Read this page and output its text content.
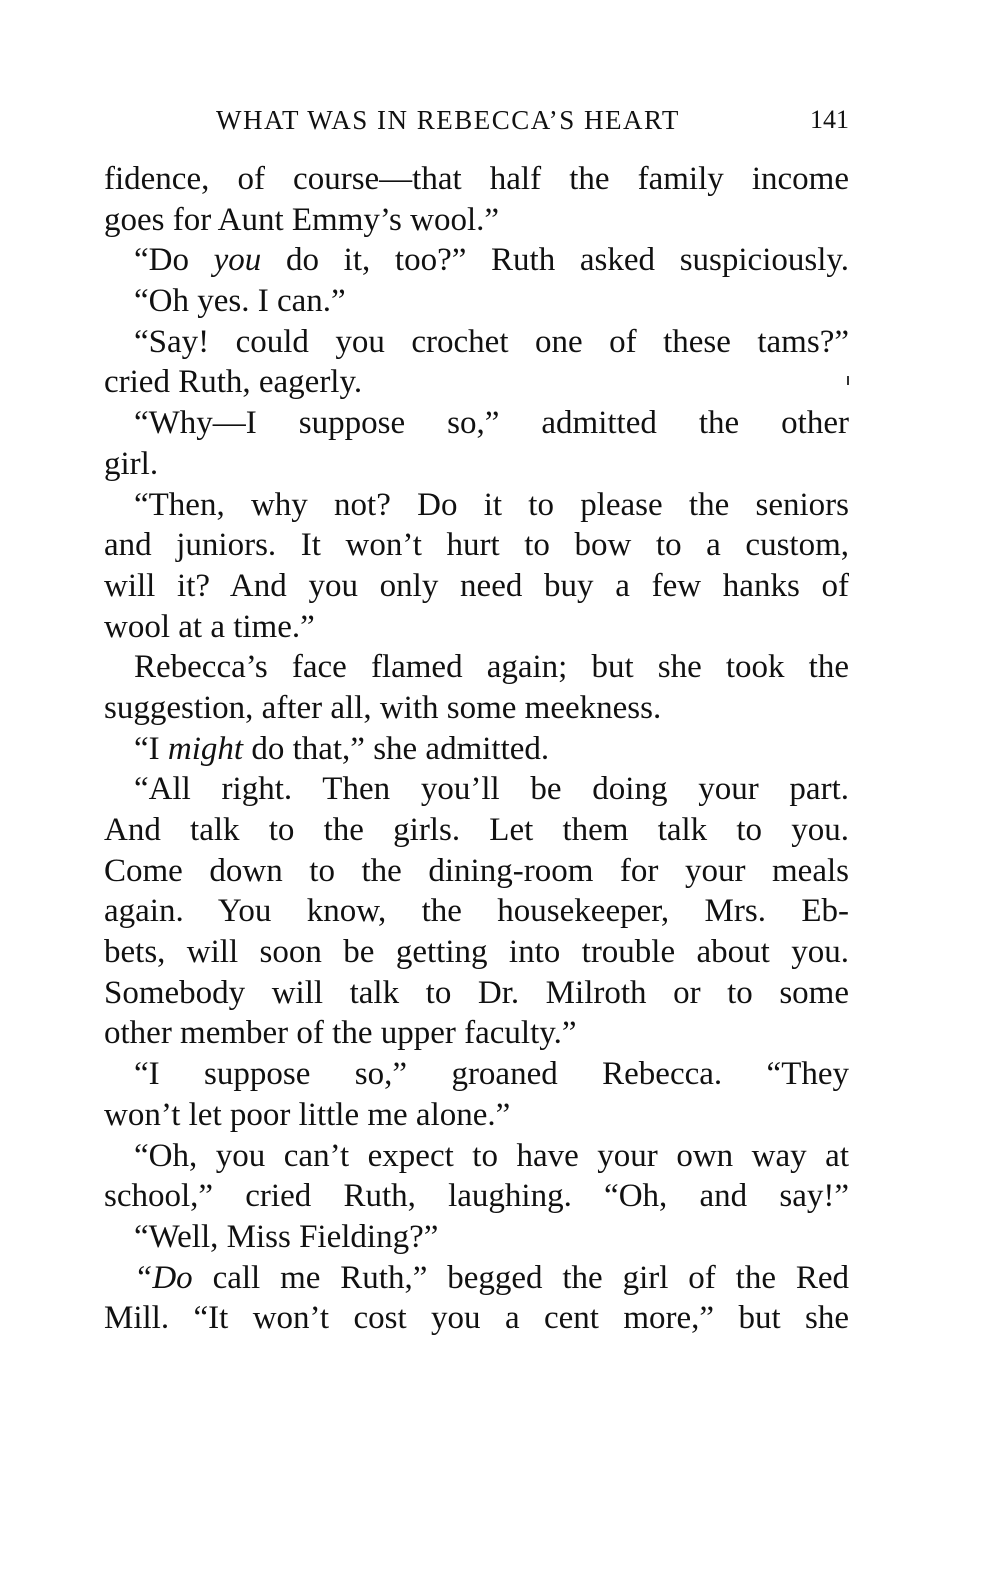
WHAT WAS IN REBECCA’S HEART	141
fidence, of course—that half the family income
goes for Aunt Emmy’s wool.”
“Do you do it, too?” Ruth asked suspiciously.
“Oh yes. I can.”
“Say! could you crochet one of these tams?”
cried Ruth, eagerly.
“Why—I suppose so,” admitted the other
girl.
“Then, why not? Do it to please the seniors
and juniors. It won’t hurt to bow to a custom,
will it? And you only need buy a few hanks of
wool at a time.”
Rebecca’s face flamed again; but she took the
suggestion, after all, with some meekness.
“I might do that,” she admitted.
“All right. Then you’ll be doing your part.
And talk to the girls. Let them talk to you.
Come down to the dining-room for your meals
again. You know, the housekeeper, Mrs. Eb-
bets, will soon be getting into trouble about you.
Somebody will talk to Dr. Milroth or to some
other member of the upper faculty.”
“I suppose so,” groaned Rebecca. “They
won’t let poor little me alone.”
“Oh, you can’t expect to have your own way at
school,” cried Ruth, laughing. “Oh, and say!”
“Well, Miss Fielding?”
“Do call me Ruth,” begged the girl of the Red
Mill. “It won’t cost you a cent more,” but she
